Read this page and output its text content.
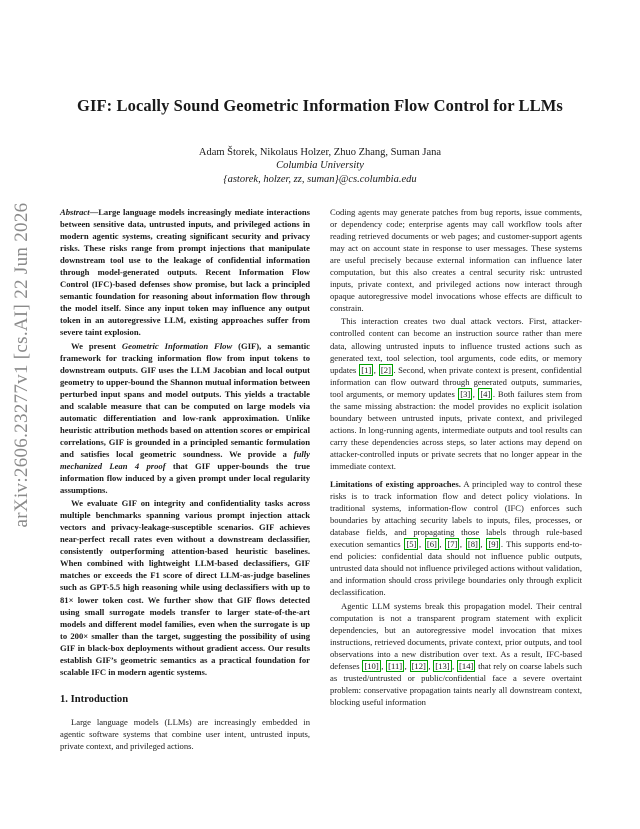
arXiv:2606.23277v1 [cs.AI] 22 Jun 2026
GIF: Locally Sound Geometric Information Flow Control for LLMs
Adam Štorek, Nikolaus Holzer, Zhuo Zhang, Suman Jana
Columbia University
{astorek, holzer, zz, suman}@cs.columbia.edu

Abstract—Large language models increasingly mediate interactions between sensitive data, untrusted inputs, and privileged actions in modern agentic systems, creating significant security and privacy risks. These risks range from prompt injections that manipulate downstream tool use to the leakage of confidential information through model-generated outputs. Recent Information Flow Control (IFC)-based defenses show promise, but lack a principled semantic foundation for reasoning about information flow through the model itself. Since any input token may influence any output token in an autoregressive LLM, existing approaches suffer from severe taint explosion.

We present Geometric Information Flow (GIF), a semantic framework for tracking information flow from input tokens to downstream outputs. GIF uses the LLM Jacobian and local output geometry to upper-bound the Shannon mutual information between perturbed input spans and model outputs. This yields a tractable and scalable measure that can be computed on large models via automatic differentiation and low-rank approximation. Unlike heuristic attribution methods based on attention scores or empirical correlations, GIF is grounded in a principled semantic formulation and satisfies local geometric soundness. We provide a fully mechanized Lean 4 proof that GIF upper-bounds the true information flow induced by a given prompt under local regularity assumptions.

We evaluate GIF on integrity and confidentiality tasks across multiple benchmarks spanning various prompt injection attack vectors and privacy-leakage-susceptible scenarios. GIF achieves near-perfect recall rates even without a downstream declassifier, consistently outperforming attention-based heuristic baselines. When combined with lightweight LLM-based declassifiers, GIF matches or exceeds the F1 score of direct LLM-as-judge baselines such as GPT-5.5 high reasoning while using declassifiers with up to 81× lower token cost. We further show that GIF flows detected using small surrogate models transfer to larger state-of-the-art models and different model families, even when the surrogate is up to 200× smaller than the target, suggesting the possibility of using GIF in black-box deployments without gradient access. Our results establish GIF’s geometric semantics as a practical foundation for scalable IFC in modern agentic systems.

1. Introduction

Large language models (LLMs) are increasingly embedded in agentic software systems that combine user intent, untrusted inputs, private context, and privileged actions.

Coding agents may generate patches from bug reports, issue comments, or dependency code; enterprise agents may call workflow tools after reading retrieved documents or web pages; and customer-support agents may act on account state in response to user messages. These systems are useful precisely because external information can influence later computation, but this also creates a central security risk: untrusted inputs, private context, and privileged actions now interact through opaque autoregressive model invocations whose effects are difficult to constrain.

This interaction creates two dual attack vectors. First, attacker-controlled content can become an instruction source rather than mere data, allowing untrusted inputs to influence trusted actions such as generated text, tool selection, tool arguments, code edits, or memory updates [1] , [2] . Second, when private context is present, confidential information can flow outward through generated outputs, summaries, tool arguments, or memory updates [3] , [4] . Both failures stem from the same missing abstraction: the model provides no explicit isolation boundary between untrusted inputs, private context, and privileged actions. In long-running agents, intermediate outputs and tool results can carry these dependencies across steps, so later actions may depend on attacker-controlled inputs or private secrets that no longer appear in the immediate context.

Limitations of existing approaches. A principled way to control these risks is to track information flow and detect policy violations. In traditional systems, information-flow control (IFC) enforces such boundaries by attaching security labels to inputs, files, processes, or database fields, and propagating those labels through rule-based execution semantics [5] , [6] , [7] , [8] , [9] . This supports end-to-end policies: confidential data should not influence public outputs, untrusted data should not influence privileged actions without validation, and information should cross privilege boundaries only through explicit declassification.

Agentic LLM systems break this propagation model. Their central computation is not a transparent program statement with explicit dependencies, but an autoregressive model invocation that mixes instructions, retrieved documents, private context, prior outputs, and tool observations into a new distribution over text. As a result, IFC-based defenses [10] , [11] , [12] , [13] , [14] that rely on coarse labels such as trusted/untrusted or public/confidential face a severe overtaint problem: conservative propagation taints nearly all downstream context, blocking useful information
